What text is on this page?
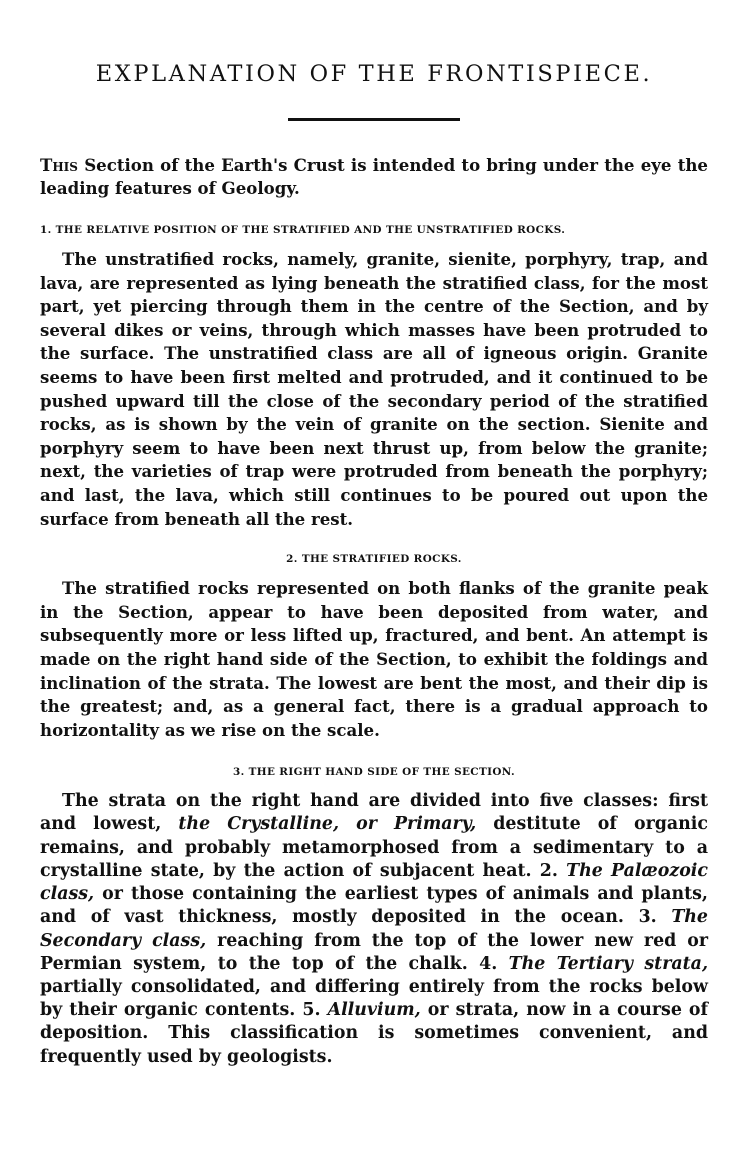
EXPLANATION OF THE FRONTISPIECE.

This Section of the Earth's Crust is intended to bring under the eye the leading features of Geology.

1. THE RELATIVE POSITION OF THE STRATIFIED AND THE UNSTRATIFIED ROCKS.

The unstratified rocks, namely, granite, sienite, porphyry, trap, and lava, are represented as lying beneath the stratified class, for the most part, yet piercing through them in the centre of the Section, and by several dikes or veins, through which masses have been protruded to the surface. The unstratified class are all of igneous origin. Granite seems to have been first melted and protruded, and it continued to be pushed upward till the close of the secondary period of the stratified rocks, as is shown by the vein of granite on the section. Sienite and porphyry seem to have been next thrust up, from below the granite; next, the varieties of trap were protruded from beneath the porphyry; and last, the lava, which still continues to be poured out upon the surface from beneath all the rest.

2. THE STRATIFIED ROCKS.

The stratified rocks represented on both flanks of the granite peak in the Section, appear to have been deposited from water, and subsequently more or less lifted up, fractured, and bent. An attempt is made on the right hand side of the Section, to exhibit the foldings and inclination of the strata. The lowest are bent the most, and their dip is the greatest; and, as a general fact, there is a gradual approach to horizontality as we rise on the scale.

3. THE RIGHT HAND SIDE OF THE SECTION.

The strata on the right hand are divided into five classes: first and lowest, the Crystalline, or Primary, destitute of organic remains, and probably metamorphosed from a sedimentary to a crystalline state, by the action of subjacent heat. 2. The Palæozoic class, or those containing the earliest types of animals and plants, and of vast thickness, mostly deposited in the ocean. 3. The Secondary class, reaching from the top of the lower new red or Permian system, to the top of the chalk. 4. The Tertiary strata, partially consolidated, and differing entirely from the rocks below by their organic contents. 5. Alluvium, or strata, now in a course of deposition. This classification is sometimes convenient, and frequently used by geologists.
